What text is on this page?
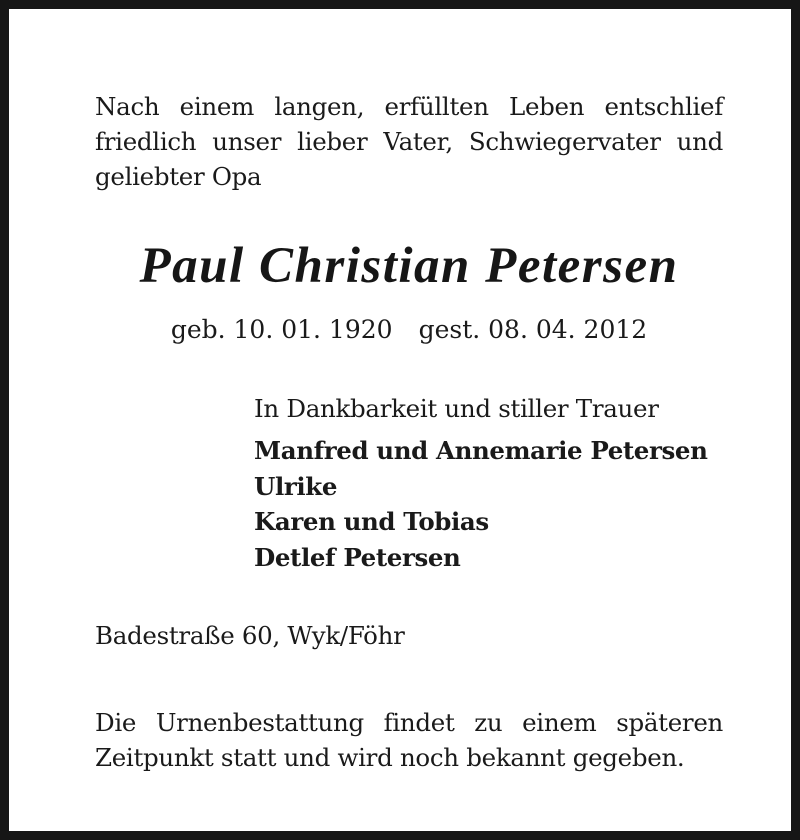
Nach einem langen, erfüllten Leben entschlief friedlich unser lieber Vater, Schwiegervater und geliebter Opa
Paul Christian Petersen
geb. 10. 01. 1920 gest. 08. 04. 2012
In Dankbarkeit und stiller Trauer
Manfred und Annemarie Petersen
Ulrike
Karen und Tobias
Detlef Petersen
Badestraße 60, Wyk/Föhr
Die Urnenbestattung findet zu einem späteren Zeitpunkt statt und wird noch bekannt gegeben.
